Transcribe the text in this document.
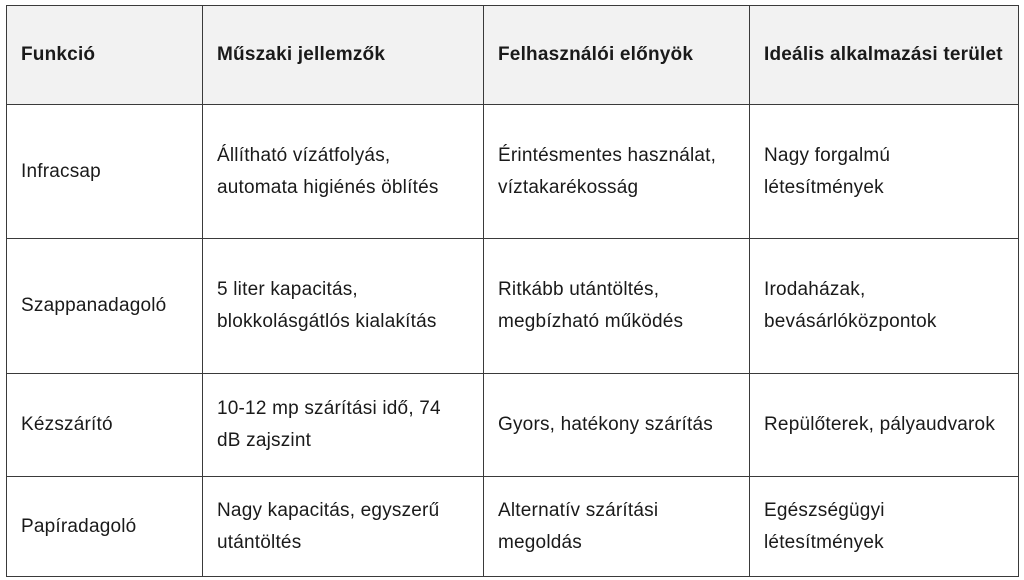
Funkció	Műszaki jellemzők	Felhasználói előnyök	Ideális alkalmazási terület
Infracsap	Állítható vízátfolyás, automata higiénés öblítés	Érintésmentes használat, víztakarékosság	Nagy forgalmú létesítmények
Szappanadagoló	5 liter kapacitás, blokkolásgátlós kialakítás	Ritkább utántöltés, megbízható működés	Irodaházak, bevásárlóközpontok
Kézszárító	10-12 mp szárítási idő, 74 dB zajszint	Gyors, hatékony szárítás	Repülőterek, pályaudvarok
Papíradagoló	Nagy kapacitás, egyszerű utántöltés	Alternatív szárítási megoldás	Egészségügyi létesítmények
